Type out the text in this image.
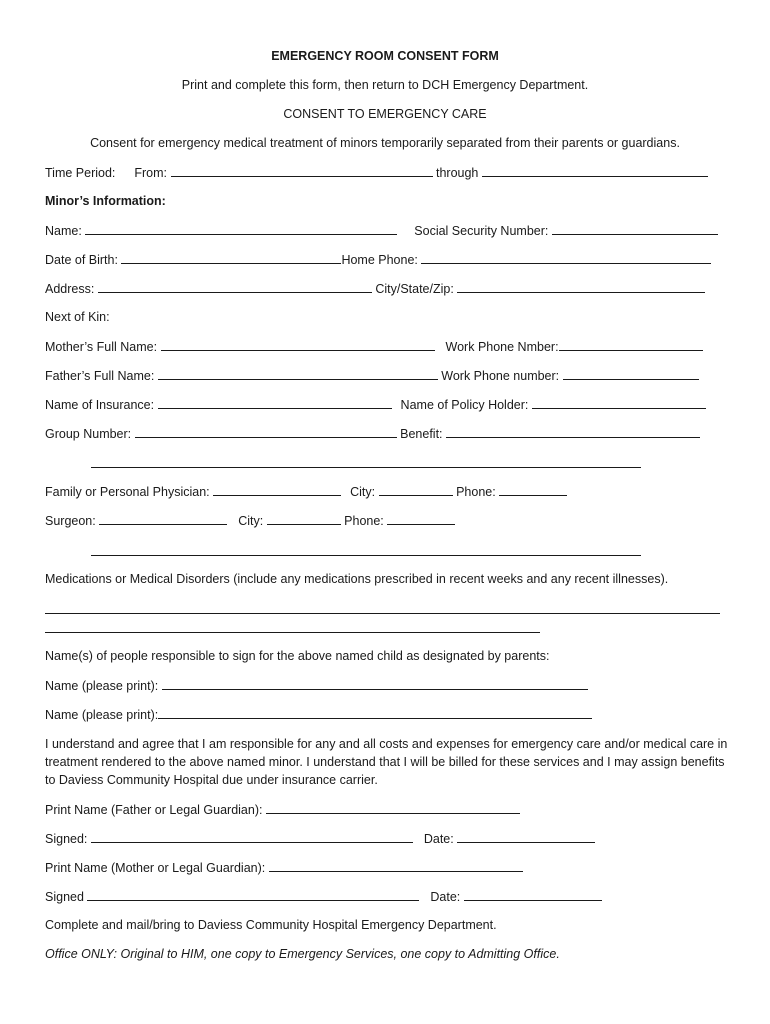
EMERGENCY ROOM CONSENT FORM
Print and complete this form, then return to DCH Emergency Department.
CONSENT TO EMERGENCY CARE
Consent for emergency medical treatment of minors temporarily separated from their parents or guardians.
Time Period: From:	through
Minor’s Information:
Name:	Social Security Number:
Date of Birth:	Home Phone:
Address:	City/State/Zip:
Next of Kin:
Mother’s Full Name:	Work Phone Nmber:
Father’s Full Name:	Work Phone number:
Name of Insurance:	Name of Policy Holder:
Group Number:	Benefit:
Family or Personal Physician:	City:	Phone:
Surgeon:	City:	Phone:
Medications or Medical Disorders (include any medications prescribed in recent weeks and any recent illnesses).
Name(s) of people responsible to sign for the above named child as designated by parents:
Name (please print):
Name (please print):
I understand and agree that I am responsible for any and all costs and expenses for emergency care and/or medical care in treatment rendered to the above named minor. I understand that I will be billed for these services and I may assign benefits to Daviess Community Hospital due under insurance carrier.
Print Name (Father or Legal Guardian):
Signed:	Date:
Print Name (Mother or Legal Guardian):
Signed	Date:
Complete and mail/bring to Daviess Community Hospital Emergency Department.
Office ONLY: Original to HIM, one copy to Emergency Services, one copy to Admitting Office.
